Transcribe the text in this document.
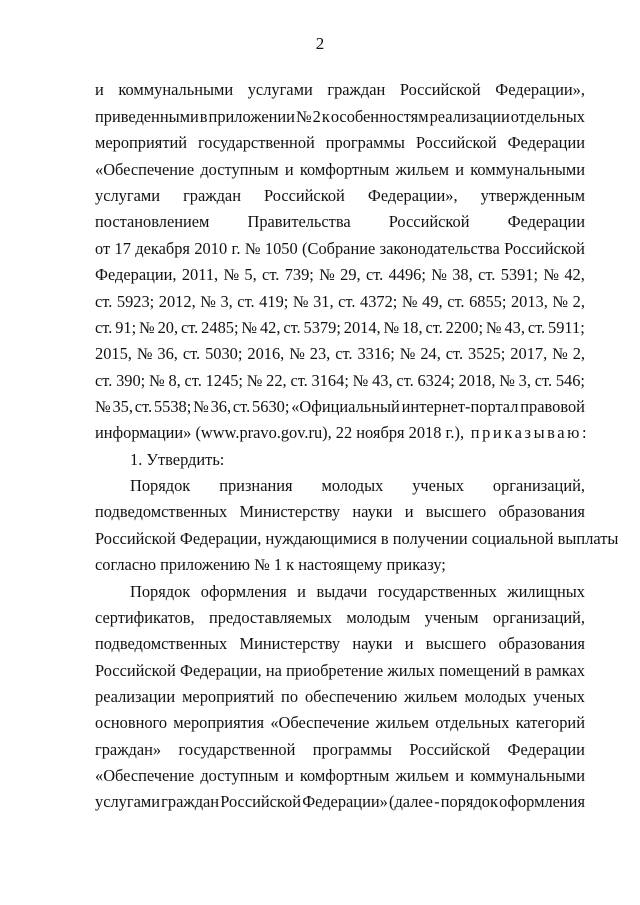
2
и коммунальными услугами граждан Российской Федерации»,
приведенными в приложении № 2 к особенностям реализации отдельных
мероприятий государственной программы Российской Федерации
«Обеспечение доступным и комфортным жильем и коммунальными
услугами граждан Российской Федерации», утвержденным
постановлением Правительства Российской Федерации
от 17 декабря 2010 г. № 1050 (Собрание законодательства Российской
Федерации, 2011, № 5, ст. 739; № 29, ст. 4496; № 38, ст. 5391; № 42,
ст. 5923; 2012, № 3, ст. 419; № 31, ст. 4372; № 49, ст. 6855; 2013, № 2,
ст. 91; № 20, ст. 2485; № 42, ст. 5379; 2014, № 18, ст. 2200; № 43, ст. 5911;
2015, № 36, ст. 5030; 2016, № 23, ст. 3316; № 24, ст. 3525; 2017, № 2,
ст. 390; № 8, ст. 1245; № 22, ст. 3164; № 43, ст. 6324; 2018, № 3, ст. 546;
№ 35, ст. 5538; № 36, ст. 5630; «Официальный интернет-портал правовой
информации» (www.pravo.gov.ru), 22 ноября 2018 г.), приказываю:
1. Утвердить:
Порядок признания молодых ученых организаций,
подведомственных Министерству науки и высшего образования
Российской Федерации, нуждающимися в получении социальной выплаты
согласно приложению № 1 к настоящему приказу;
Порядок оформления и выдачи государственных жилищных
сертификатов, предоставляемых молодым ученым организаций,
подведомственных Министерству науки и высшего образования
Российской Федерации, на приобретение жилых помещений в рамках
реализации мероприятий по обеспечению жильем молодых ученых
основного мероприятия «Обеспечение жильем отдельных категорий
граждан» государственной программы Российской Федерации
«Обеспечение доступным и комфортным жильем и коммунальными
услугами граждан Российской Федерации» (далее - порядок оформления
